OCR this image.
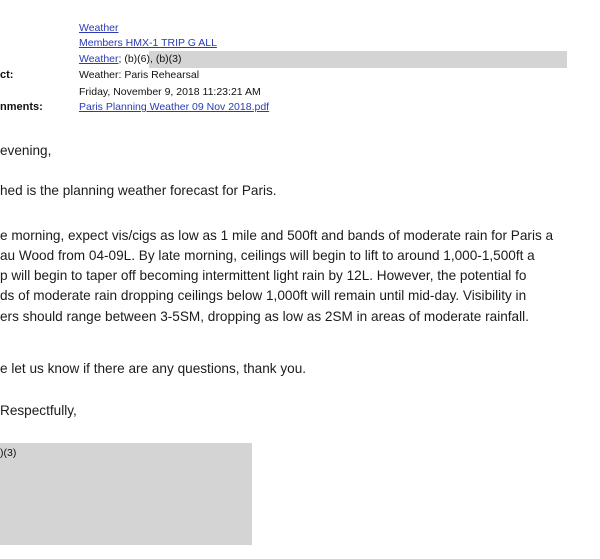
Weather
Members HMX-1 TRIP G ALL
Weather; (b)(6), (b)(3)
ct:	Weather: Paris Rehearsal
Friday, November 9, 2018 11:23:21 AM
nments:	Paris Planning Weather 09 Nov 2018.pdf
evening,
hed is the planning weather forecast for Paris.
e morning, expect vis/cigs as low as 1 mile and 500ft and bands of moderate rain for Paris a
au Wood from 04-09L. By late morning, ceilings will begin to lift to around 1,000-1,500ft a
p will begin to taper off becoming intermittent light rain by 12L. However, the potential fo
ds of moderate rain dropping ceilings below 1,000ft will remain until mid-day. Visibility in
ers should range between 3-5SM, dropping as low as 2SM in areas of moderate rainfall.
e let us know if there are any questions, thank you.
Respectfully,
)(3)
